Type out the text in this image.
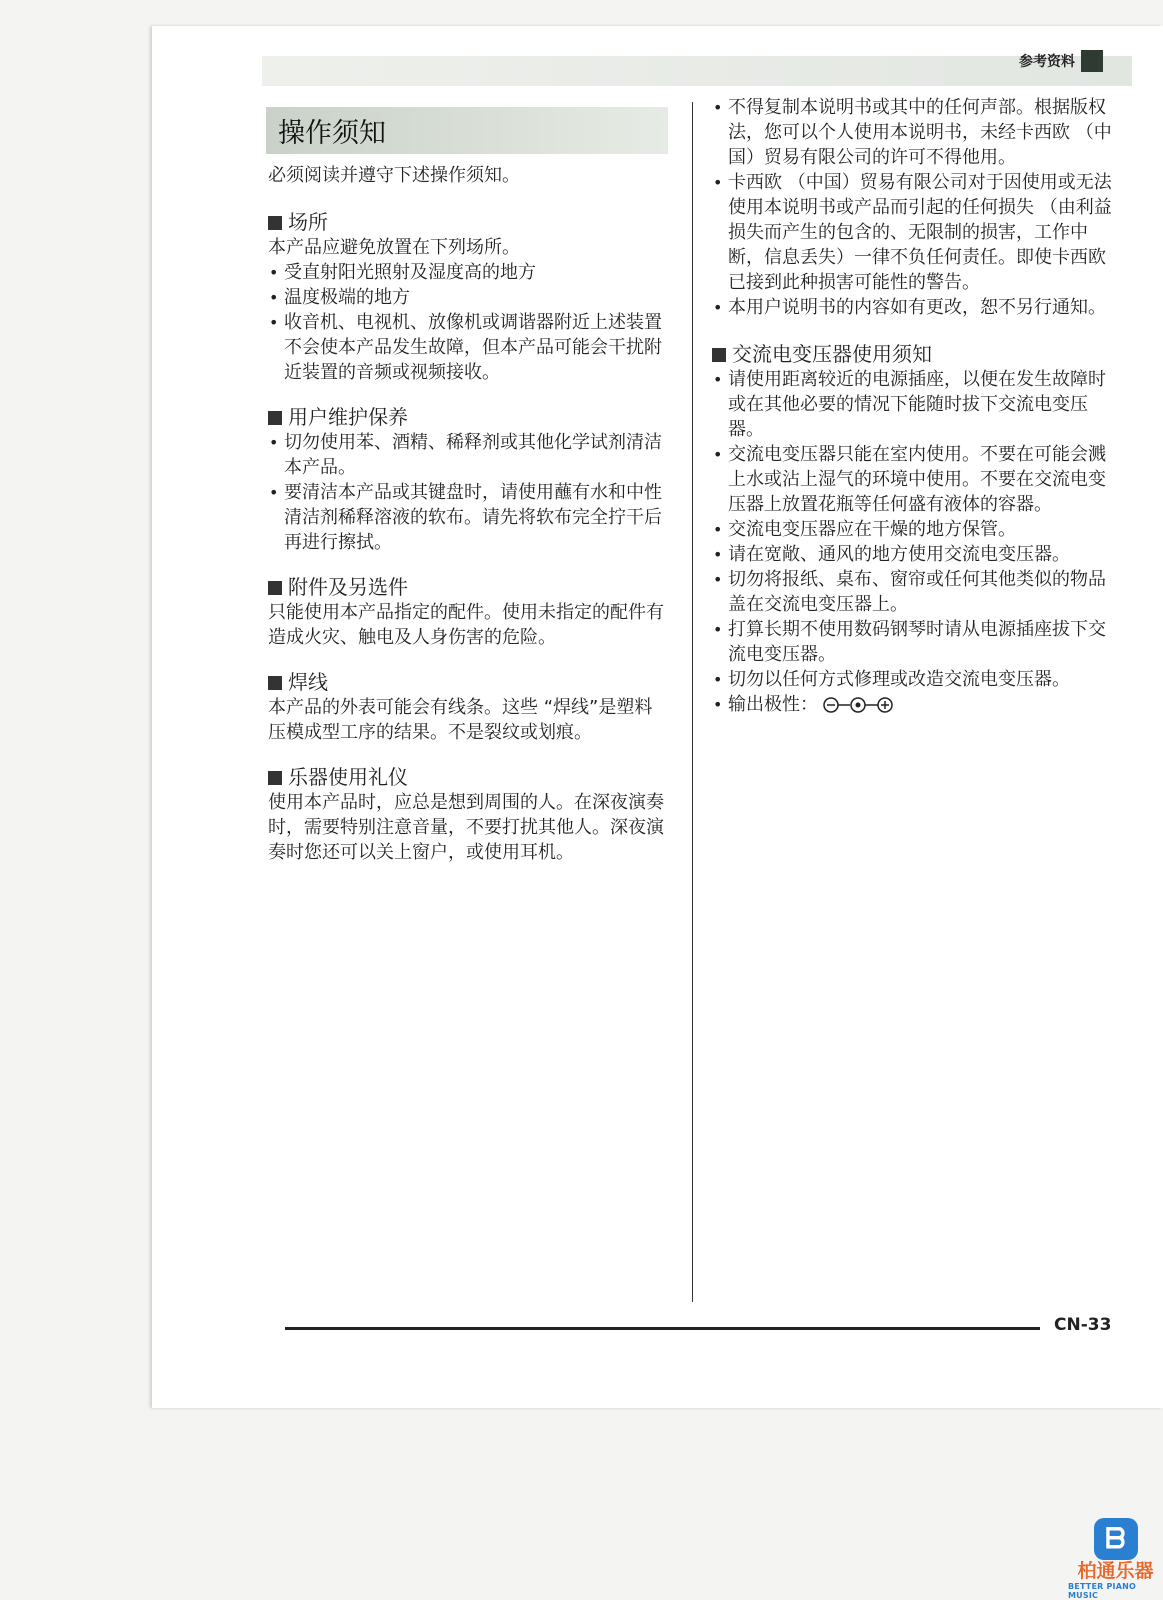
参考资料
操作须知

必须阅读并遵守下述操作须知。

场所

本产品应避免放置在下列场所。

• 受直射阳光照射及湿度高的地方
• 温度极端的地方
• 收音机、电视机、放像机或调谐器附近上述装置不会使本产品发生故障，但本产品可能会干扰附近装置的音频或视频接收。

用户维护保养

• 切勿使用苯、酒精、稀释剂或其他化学试剂清洁本产品。
• 要清洁本产品或其键盘时，请使用蘸有水和中性清洁剂稀释溶液的软布。请先将软布完全拧干后再进行擦拭。

附件及另选件

只能使用本产品指定的配件。使用未指定的配件有造成火灾、触电及人身伤害的危险。

焊线

本产品的外表可能会有线条。这些 “焊线”是塑料压模成型工序的结果。不是裂纹或划痕。

乐器使用礼仪

使用本产品时，应总是想到周围的人。在深夜演奏时，需要特别注意音量，不要打扰其他人。深夜演奏时您还可以关上窗户，或使用耳机。

• 不得复制本说明书或其中的任何声部。根据版权法，您可以个人使用本说明书，未经卡西欧 （中国）贸易有限公司的许可不得他用。
• 卡西欧 （中国）贸易有限公司对于因使用或无法使用本说明书或产品而引起的任何损失 （由利益损失而产生的包含的、无限制的损害，工作中断，信息丢失）一律不负任何责任。即使卡西欧已接到此种损害可能性的警告。
• 本用户说明书的内容如有更改，恕不另行通知。

交流电变压器使用须知

• 请使用距离较近的电源插座，以便在发生故障时或在其他必要的情况下能随时拔下交流电变压器。
• 交流电变压器只能在室内使用。不要在可能会溅上水或沾上湿气的环境中使用。不要在交流电变压器上放置花瓶等任何盛有液体的容器。
• 交流电变压器应在干燥的地方保管。
• 请在宽敞、通风的地方使用交流电变压器。
• 切勿将报纸、桌布、窗帘或任何其他类似的物品盖在交流电变压器上。
• 打算长期不使用数码钢琴时请从电源插座拔下交流电变压器。
• 切勿以任何方式修理或改造交流电变压器。
• 输出极性：
CN-33
ᗷ
柏通乐器
BETTER PIANO MUSIC
